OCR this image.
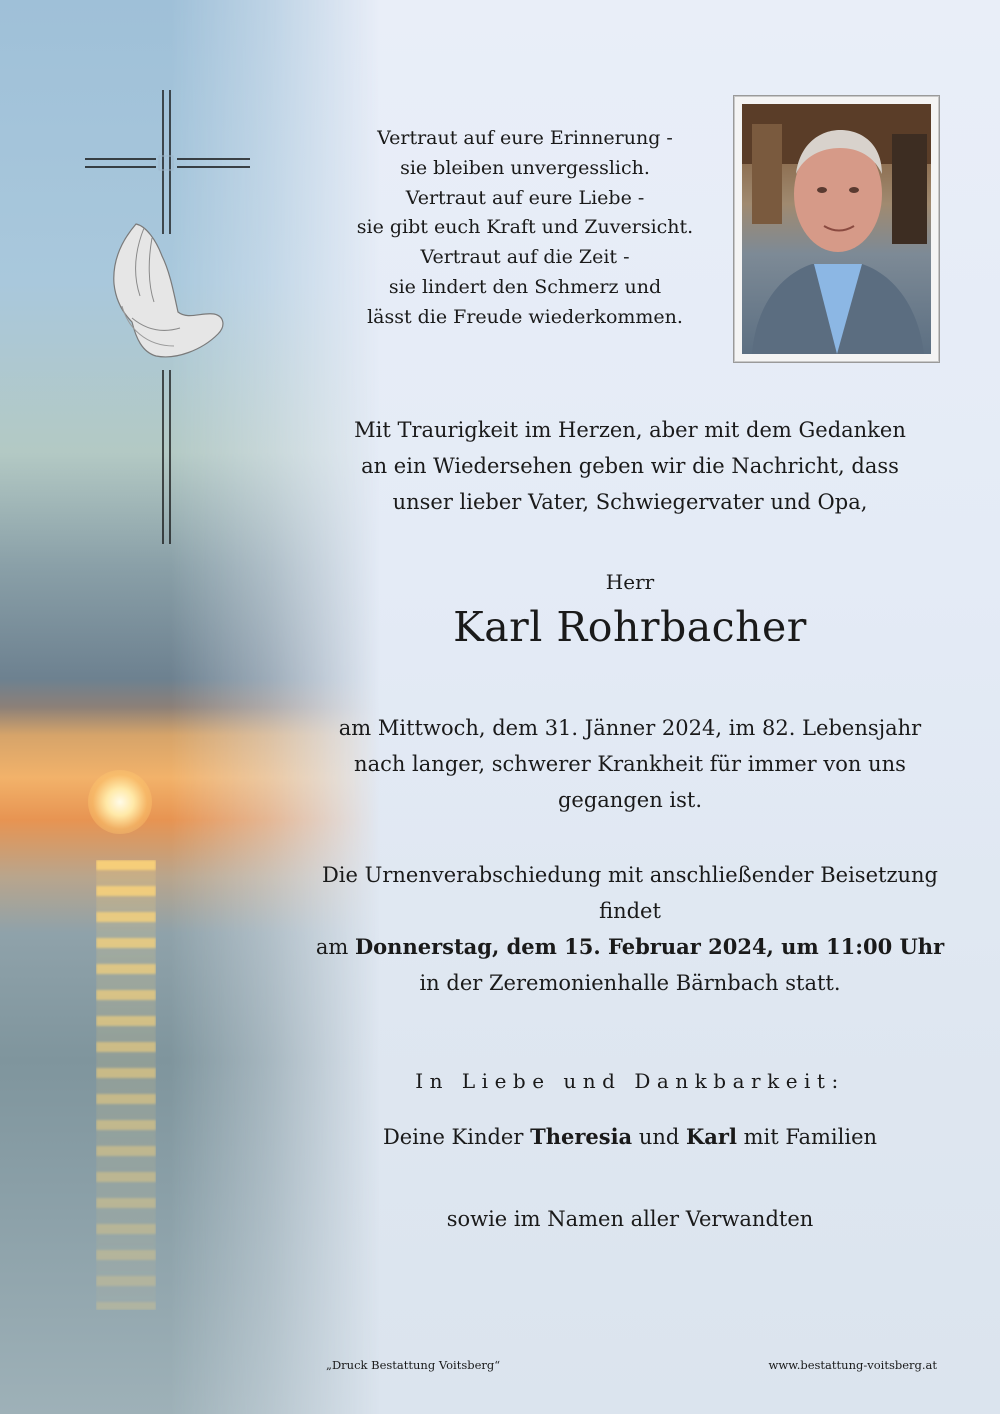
Vertraut auf eure Erinnerung -
sie bleiben unvergesslich.
Vertraut auf eure Liebe -
sie gibt euch Kraft und Zuversicht.
Vertraut auf die Zeit -
sie lindert den Schmerz und
lässt die Freude wiederkommen.
Mit Traurigkeit im Herzen, aber mit dem Gedanken
an ein Wiedersehen geben wir die Nachricht, dass
unser lieber Vater, Schwiegervater und Opa,
Herr
Karl Rohrbacher
am Mittwoch, dem 31. Jänner 2024, im 82. Lebensjahr
nach langer, schwerer Krankheit für immer von uns gegangen ist.
Die Urnenverabschiedung mit anschließender Beisetzung findet
am Donnerstag, dem 15. Februar 2024, um 11:00 Uhr
in der Zeremonienhalle Bärnbach statt.
In Liebe und Dankbarkeit:
Deine Kinder Theresia und Karl mit Familien
sowie im Namen aller Verwandten
„Druck Bestattung Voitsberg“	www.bestattung-voitsberg.at
